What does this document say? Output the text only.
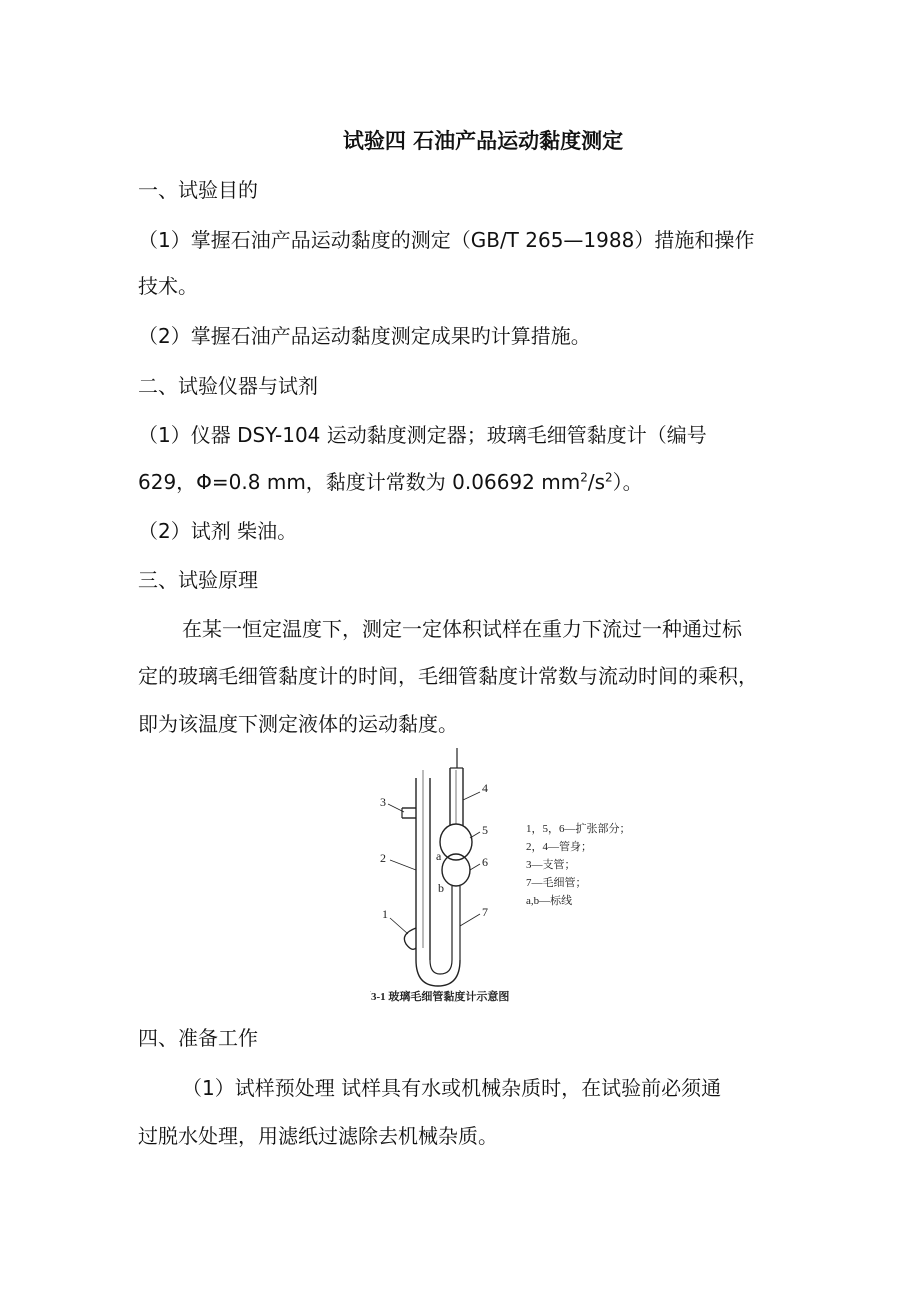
试验四 石油产品运动黏度测定
一、试验目的
（1）掌握石油产品运动黏度的测定（GB/T 265—1988）措施和操作
技术。
（2）掌握石油产品运动黏度测定成果旳计算措施。
二、试验仪器与试剂
（1）仪器 DSY-104 运动黏度测定器；玻璃毛细管黏度计（编号
629，Φ=0.8 mm，黏度计常数为 0.06692 $mm^2/s^2$）。
（2）试剂 柴油。
三、试验原理
在某一恒定温度下，测定一定体积试样在重力下流过一种通过标
定的玻璃毛细管黏度计的时间，毛细管黏度计常数与流动时间的乘积，
即为该温度下测定液体的运动黏度。
3
2
1
4
5
6
7
a
b
1，5，6—扩张部分；
2，4—管身；
3—支管；
7—毛细管；
a,b—标线
图3-1 玻璃毛细管黏度计示意图
四、准备工作
（1）试样预处理 试样具有水或机械杂质时，在试验前必须通
过脱水处理，用滤纸过滤除去机械杂质。
